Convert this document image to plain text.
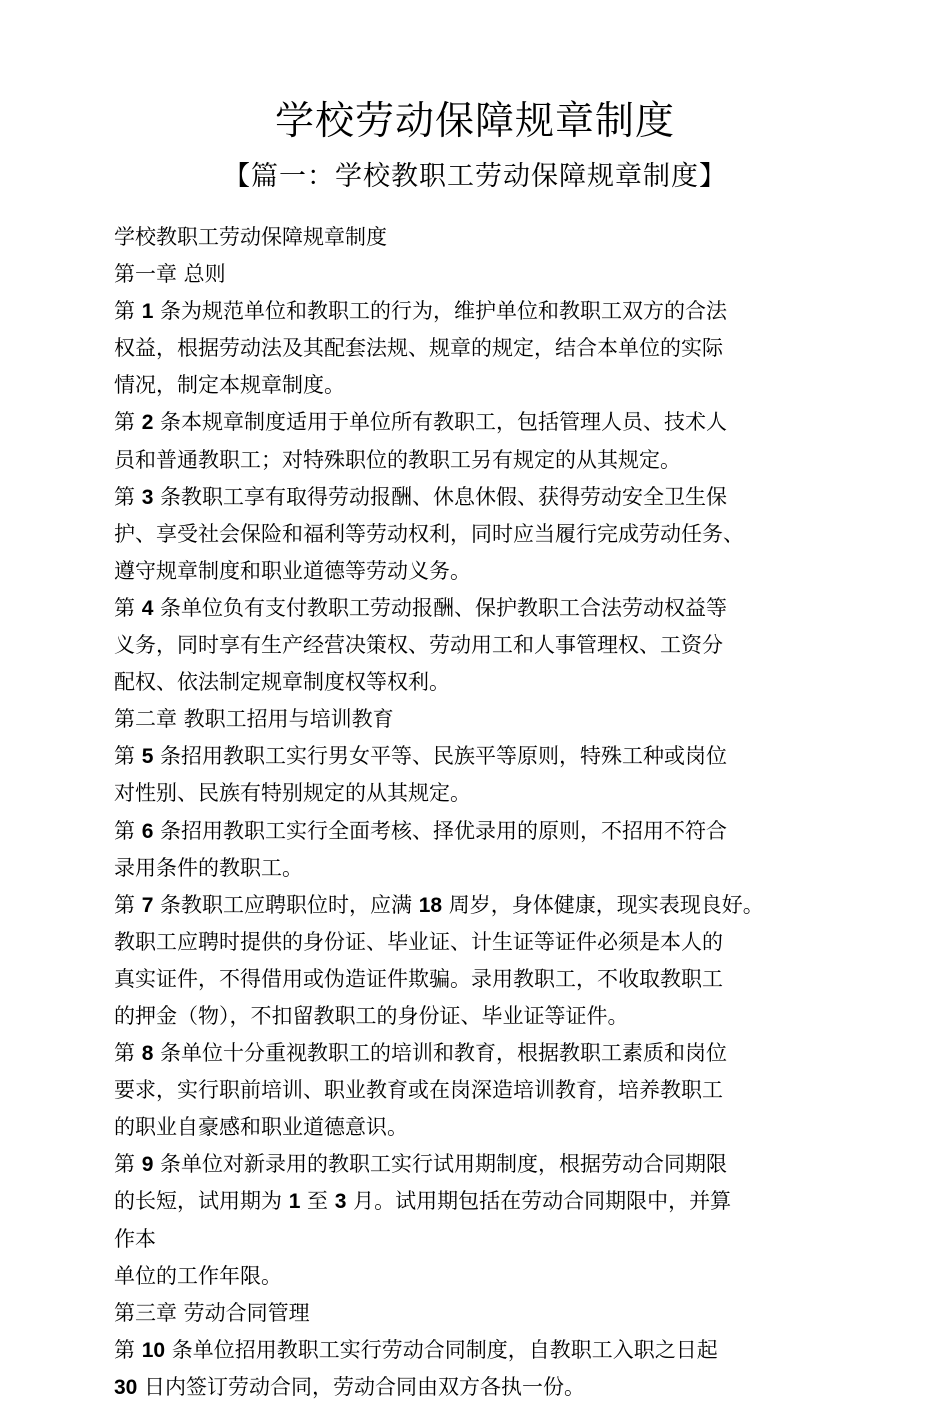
学校劳动保障规章制度
【篇一：学校教职工劳动保障规章制度】
学校教职工劳动保障规章制度
第一章 总则
第 1 条为规范单位和教职工的行为，维护单位和教职工双方的合法
权益，根据劳动法及其配套法规、规章的规定，结合本单位的实际
情况，制定本规章制度。
第 2 条本规章制度适用于单位所有教职工，包括管理人员、技术人
员和普通教职工；对特殊职位的教职工另有规定的从其规定。
第 3 条教职工享有取得劳动报酬、休息休假、获得劳动安全卫生保
护、享受社会保险和福利等劳动权利，同时应当履行完成劳动任务、
遵守规章制度和职业道德等劳动义务。
第 4 条单位负有支付教职工劳动报酬、保护教职工合法劳动权益等
义务，同时享有生产经营决策权、劳动用工和人事管理权、工资分
配权、依法制定规章制度权等权利。
第二章 教职工招用与培训教育
第 5 条招用教职工实行男女平等、民族平等原则，特殊工种或岗位
对性别、民族有特别规定的从其规定。
第 6 条招用教职工实行全面考核、择优录用的原则，不招用不符合
录用条件的教职工。
第 7 条教职工应聘职位时，应满 18 周岁，身体健康，现实表现良好。
教职工应聘时提供的身份证、毕业证、计生证等证件必须是本人的
真实证件，不得借用或伪造证件欺骗。录用教职工，不收取教职工
的押金（物），不扣留教职工的身份证、毕业证等证件。
第 8 条单位十分重视教职工的培训和教育，根据教职工素质和岗位
要求，实行职前培训、职业教育或在岗深造培训教育，培养教职工
的职业自豪感和职业道德意识。
第 9 条单位对新录用的教职工实行试用期制度，根据劳动合同期限
的长短，试用期为 1 至 3 月。试用期包括在劳动合同期限中，并算
作本
单位的工作年限。
第三章 劳动合同管理
第 10 条单位招用教职工实行劳动合同制度，自教职工入职之日起
30 日内签订劳动合同，劳动合同由双方各执一份。
